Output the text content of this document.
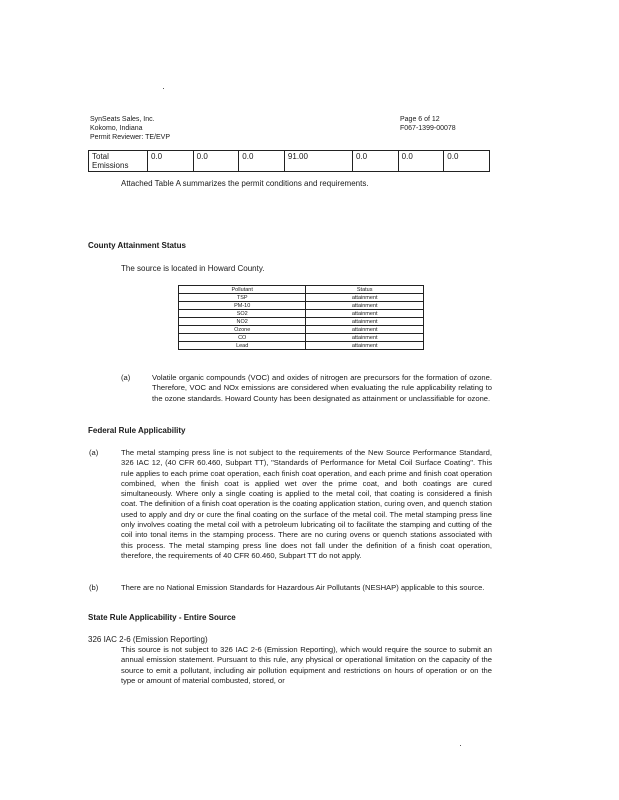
SynSeats Sales, Inc.
Kokomo, Indiana
Permit Reviewer: TE/EVP
Page 6 of 12
F067-1399-00078
Total Emissions	0.0	0.0	0.0	91.00	0.0	0.0	0.0
Attached Table A summarizes the permit conditions and requirements.
County Attainment Status
The source is located in Howard County.
Pollutant	Status
TSP	attainment
PM-10	attainment
SO2	attainment
NO2	attainment
Ozone	attainment
CO	attainment
Lead	attainment
(a)	Volatile organic compounds (VOC) and oxides of nitrogen are precursors for the formation of ozone. Therefore, VOC and NOx emissions are considered when evaluating the rule applicability relating to the ozone standards. Howard County has been designated as attainment or unclassifiable for ozone.
Federal Rule Applicability
(a)	The metal stamping press line is not subject to the requirements of the New Source Performance Standard, 326 IAC 12, (40 CFR 60.460, Subpart TT), "Standards of Performance for Metal Coil Surface Coating". This rule applies to each prime coat operation, each finish coat operation, and each prime and finish coat operation combined, when the finish coat is applied wet over the prime coat, and both coatings are cured simultaneously. Where only a single coating is applied to the metal coil, that coating is considered a finish coat. The definition of a finish coat operation is the coating application station, curing oven, and quench station used to apply and dry or cure the final coating on the surface of the metal coil. The metal stamping press line only involves coating the metal coil with a petroleum lubricating oil to facilitate the stamping and cutting of the coil into tonal items in the stamping process. There are no curing ovens or quench stations associated with this process. The metal stamping press line does not fall under the definition of a finish coat operation, therefore, the requirements of 40 CFR 60.460, Subpart TT do not apply.
(b)	There are no National Emission Standards for Hazardous Air Pollutants (NESHAP) applicable to this source.
State Rule Applicability - Entire Source
326 IAC 2-6 (Emission Reporting)
This source is not subject to 326 IAC 2-6 (Emission Reporting), which would require the source to submit an annual emission statement. Pursuant to this rule, any physical or operational limitation on the capacity of the source to emit a pollutant, including air pollution equipment and restrictions on hours of operation or on the type or amount of material combusted, stored, or
